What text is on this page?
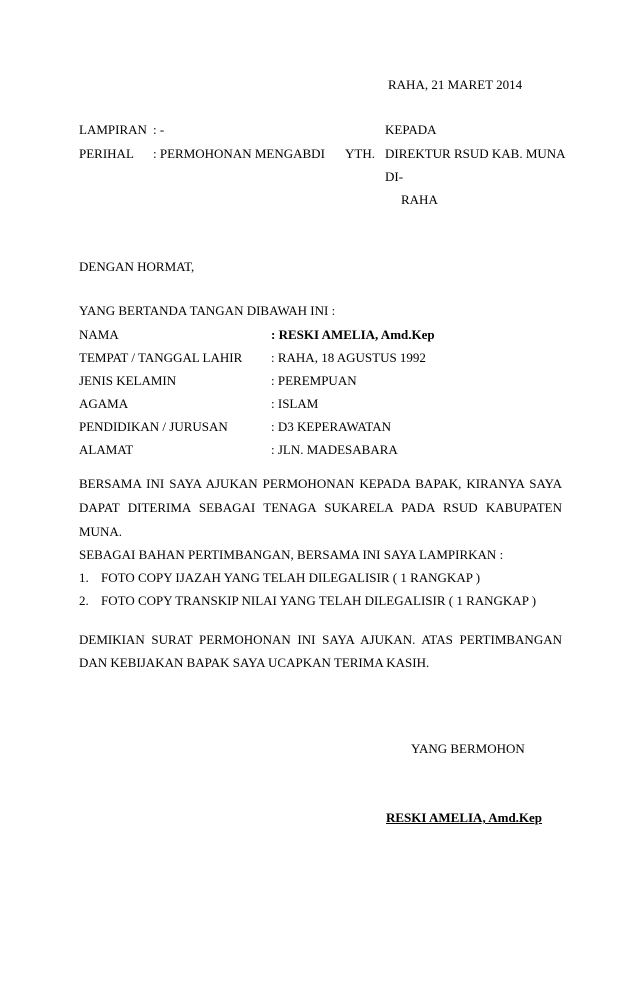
RAHA, 21 MARET 2014
LAMPIRAN : -	KEPADA
PERIHAL : PERMOHONAN MENGABDI YTH. DIREKTUR RSUD KAB. MUNA
DI-
RAHA
DENGAN HORMAT,
YANG BERTANDA TANGAN DIBAWAH INI :
NAMA	: RESKI AMELIA, Amd.Kep
TEMPAT / TANGGAL LAHIR : RAHA, 18 AGUSTUS 1992
JENIS KELAMIN	: PEREMPUAN
AGAMA	: ISLAM
PENDIDIKAN / JURUSAN	: D3 KEPERAWATAN
ALAMAT	: JLN. MADESABARA
BERSAMA INI SAYA AJUKAN PERMOHONAN KEPADA BAPAK, KIRANYA SAYA
DAPAT DITERIMA SEBAGAI TENAGA SUKARELA PADA RSUD KABUPATEN
MUNA.
SEBAGAI BAHAN PERTIMBANGAN, BERSAMA INI SAYA LAMPIRKAN :
1. FOTO COPY IJAZAH YANG TELAH DILEGALISIR ( 1 RANGKAP )
2. FOTO COPY TRANSKIP NILAI YANG TELAH DILEGALISIR ( 1 RANGKAP )
DEMIKIAN SURAT PERMOHONAN INI SAYA AJUKAN. ATAS PERTIMBANGAN
DAN KEBIJAKAN BAPAK SAYA UCAPKAN TERIMA KASIH.
YANG BERMOHON
RESKI AMELIA, Amd.Kep
